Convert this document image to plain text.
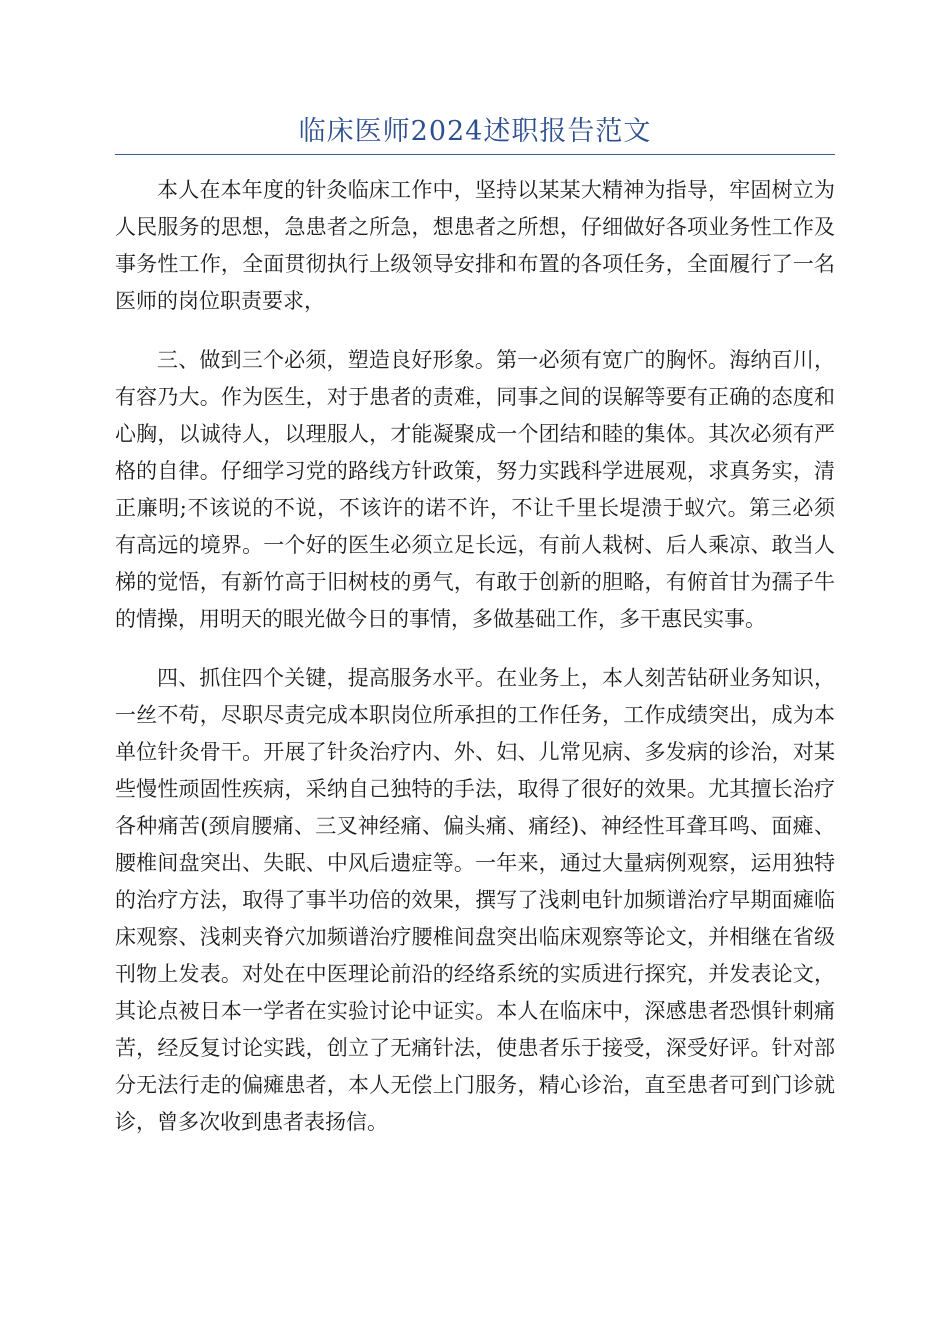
临床医师2024述职报告范文

本人在本年度的针灸临床工作中，坚持以某某大精神为指导，牢固树立为人民服务的思想，急患者之所急，想患者之所想，仔细做好各项业务性工作及事务性工作，全面贯彻执行上级领导安排和布置的各项任务，全面履行了一名医师的岗位职责要求，

三、做到三个必须，塑造良好形象。第一必须有宽广的胸怀。海纳百川，有容乃大。作为医生，对于患者的责难，同事之间的误解等要有正确的态度和心胸，以诚待人，以理服人，才能凝聚成一个团结和睦的集体。其次必须有严格的自律。仔细学习党的路线方针政策，努力实践科学进展观，求真务实，清正廉明;不该说的不说，不该许的诺不许，不让千里长堤溃于蚁穴。第三必须有高远的境界。一个好的医生必须立足长远，有前人栽树、后人乘凉、敢当人梯的觉悟，有新竹高于旧树枝的勇气，有敢于创新的胆略，有俯首甘为孺子牛的情操，用明天的眼光做今日的事情，多做基础工作，多干惠民实事。

四、抓住四个关键，提高服务水平。在业务上，本人刻苦钻研业务知识，一丝不苟，尽职尽责完成本职岗位所承担的工作任务，工作成绩突出，成为本单位针灸骨干。开展了针灸治疗内、外、妇、儿常见病、多发病的诊治，对某些慢性顽固性疾病，采纳自己独特的手法，取得了很好的效果。尤其擅长治疗各种痛苦(颈肩腰痛、三叉神经痛、偏头痛、痛经)、神经性耳聋耳鸣、面瘫、腰椎间盘突出、失眠、中风后遗症等。一年来，通过大量病例观察，运用独特的治疗方法，取得了事半功倍的效果，撰写了浅刺电针加频谱治疗早期面瘫临床观察、浅刺夹脊穴加频谱治疗腰椎间盘突出临床观察等论文，并相继在省级刊物上发表。对处在中医理论前沿的经络系统的实质进行探究，并发表论文，其论点被日本一学者在实验讨论中证实。本人在临床中，深感患者恐惧针刺痛苦，经反复讨论实践，创立了无痛针法，使患者乐于接受，深受好评。针对部分无法行走的偏瘫患者，本人无偿上门服务，精心诊治，直至患者可到门诊就诊，曾多次收到患者表扬信。
